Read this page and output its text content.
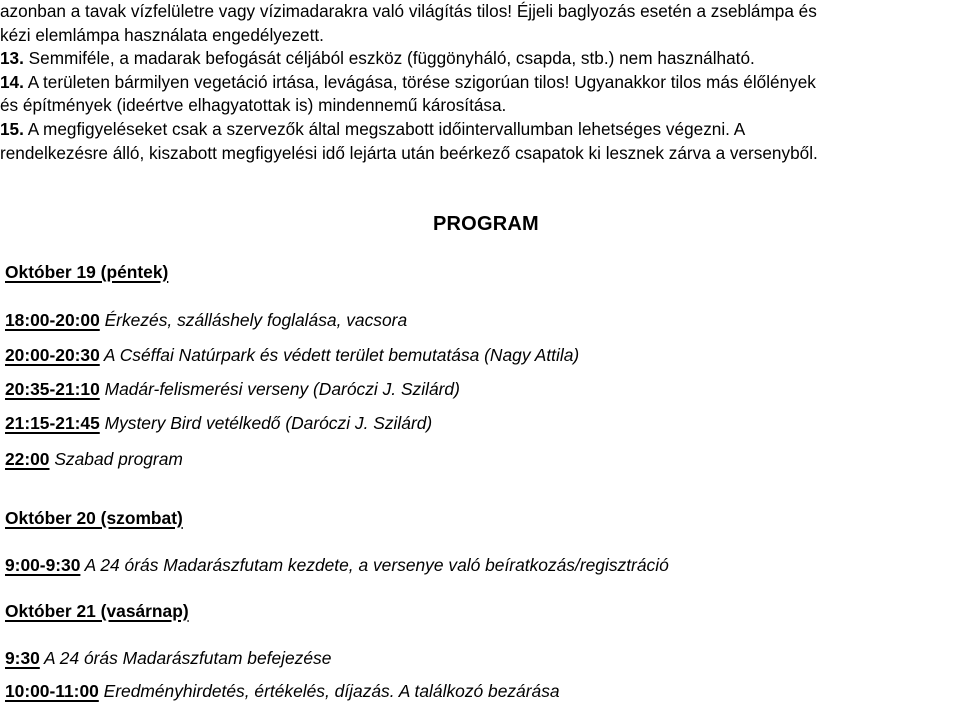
azonban a tavak vízfelületre vagy vízimadarakra való világítás tilos! Éjjeli baglyozás esetén a zseblámpa és
kézi elemlámpa használata engedélyezett.
13. Semmiféle, a madarak befogását céljából eszköz (függönyháló, csapda, stb.) nem használható.
14. A területen bármilyen vegetáció irtása, levágása, törése szigorúan tilos! Ugyanakkor tilos más élőlények
és építmények (ideértve elhagyatottak is) mindennemű károsítása.
15. A megfigyeléseket csak a szervezők által megszabott időintervallumban lehetséges végezni. A
rendelkezésre álló, kiszabott megfigyelési idő lejárta után beérkező csapatok ki lesznek zárva a versenyből.
PROGRAM
Október 19 (péntek)
18:00-20:00 Érkezés, szálláshely foglalása, vacsora
20:00-20:30 A Cséffai Natúrpark és védett terület bemutatása (Nagy Attila)
20:35-21:10 Madár-felismerési verseny (Daróczi J. Szilárd)
21:15-21:45 Mystery Bird vetélkedő (Daróczi J. Szilárd)
22:00 Szabad program
Október 20 (szombat)
9:00-9:30 A 24 órás Madarászfutam kezdete, a versenye való beíratkozás/regisztráció
Október 21 (vasárnap)
9:30 A 24 órás Madarászfutam befejezése
10:00-11:00 Eredményhirdetés, értékelés, díjazás. A találkozó bezárása
